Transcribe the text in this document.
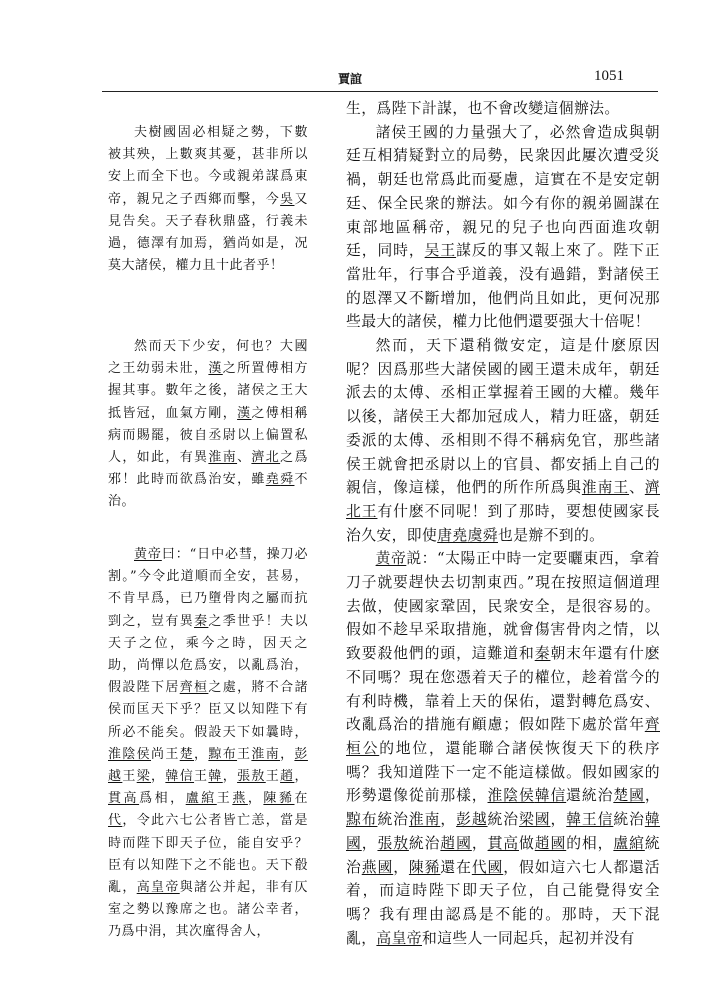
賈誼	1051

夫樹國固必相疑之勢，下數被其殃，上數爽其憂，甚非所以安上而全下也。今或親弟謀爲東帝，親兄之子西鄉而擊，今吳又見告矣。天子春秋鼎盛，行義未過，德澤有加焉，猶尚如是，况莫大諸侯，權力且十此者乎！

然而天下少安，何也？大國之王幼弱未壯，漢之所置傅相方握其事。數年之後，諸侯之王大抵皆冠，血氣方剛，漢之傅相稱病而賜罷，彼自丞尉以上偏置私人，如此，有異淮南、濟北之爲邪！此時而欲爲治安，雖堯舜不治。

黄帝曰：“日中必彗，操刀必割。”今令此道順而全安，甚易，不肯早爲，已乃墮骨肉之屬而抗剄之，豈有異秦之季世乎！夫以天子之位，乘今之時，因天之助，尚憚以危爲安，以亂爲治，假設陛下居齊桓之處，將不合諸侯而匡天下乎？臣又以知陛下有所必不能矣。假設天下如曩時，淮陰侯尚王楚，黥布王淮南，彭越王梁，韓信王韓，張敖王趙，貫高爲相，盧綰王燕，陳豨在代，令此六七公者皆亡恙，當是時而陛下即天子位，能自安乎？臣有以知陛下之不能也。天下殽亂，高皇帝與諸公并起，非有仄室之勢以豫席之也。諸公幸者，乃爲中涓，其次廑得舍人，

生，爲陛下計謀，也不會改變這個辦法。

諸侯王國的力量强大了，必然會造成與朝廷互相猜疑對立的局勢，民衆因此屢次遭受災禍，朝廷也常爲此而憂慮，這實在不是安定朝廷、保全民衆的辦法。如今有你的親弟圖謀在東部地區稱帝，親兄的兒子也向西面進攻朝廷，同時，吴王謀反的事又報上來了。陛下正當壯年，行事合乎道義，没有過錯，對諸侯王的恩澤又不斷增加，他們尚且如此，更何况那些最大的諸侯，權力比他們還要强大十倍呢！

然而，天下還稍微安定，這是什麽原因呢？因爲那些大諸侯國的國王還未成年，朝廷派去的太傅、丞相正掌握着王國的大權。幾年以後，諸侯王大都加冠成人，精力旺盛，朝廷委派的太傅、丞相則不得不稱病免官，那些諸侯王就會把丞尉以上的官員、都安插上自己的親信，像這樣，他們的所作所爲與淮南王、濟北王有什麽不同呢！到了那時，要想使國家長治久安，即使唐堯虞舜也是辦不到的。

黄帝説：“太陽正中時一定要曬東西，拿着刀子就要趕快去切割東西。”現在按照這個道理去做，使國家鞏固，民衆安全，是很容易的。假如不趁早采取措施，就會傷害骨肉之情，以致要殺他們的頭，這難道和秦朝末年還有什麽不同嗎？現在您憑着天子的權位，趁着當今的有利時機，靠着上天的保佑，還對轉危爲安、改亂爲治的措施有顧慮；假如陛下處於當年齊桓公的地位，還能聯合諸侯恢復天下的秩序嗎？我知道陛下一定不能這樣做。假如國家的形勢還像從前那樣，淮陰侯韓信還統治楚國，黥布統治淮南，彭越統治梁國，韓王信統治韓國，張敖統治趙國，貫高做趙國的相，盧綰統治燕國，陳豨還在代國，假如這六七人都還活着，而這時陛下即天子位，自己能覺得安全嗎？我有理由認爲是不能的。那時，天下混亂，高皇帝和這些人一同起兵，起初并没有
